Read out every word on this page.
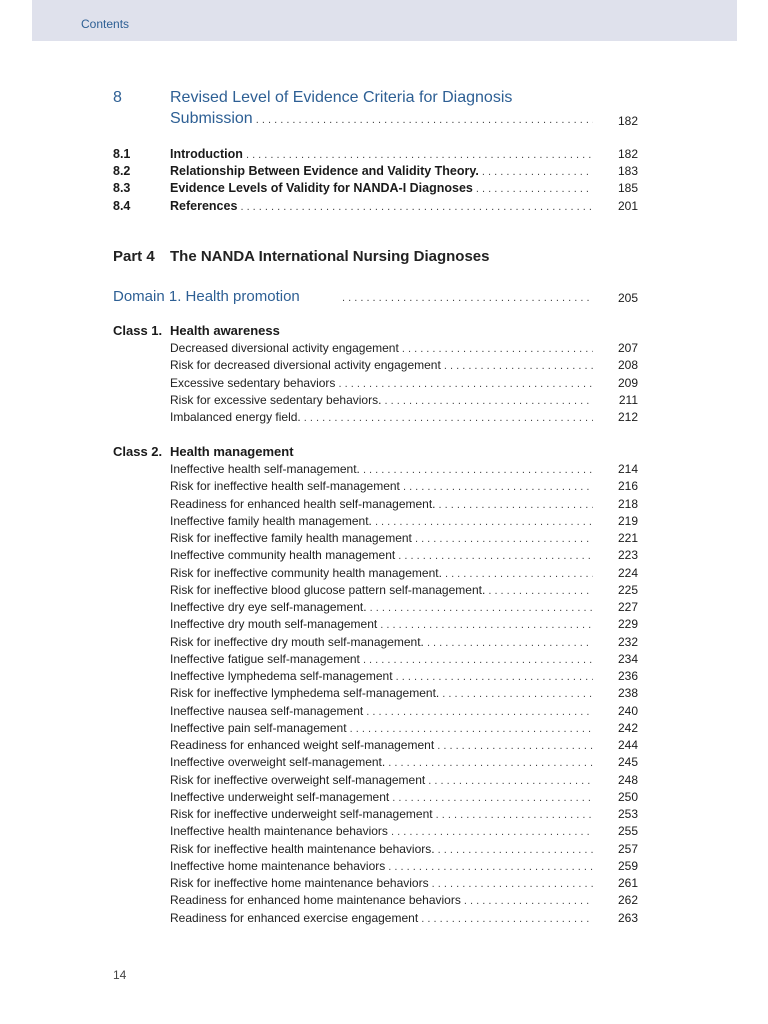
Contents
8	Revised Level of Evidence Criteria for Diagnosis
Submission . . .	182
8.1	Introduction . . .	182
8.2	Relationship Between Evidence and Validity Theory. . . .	183
8.3	Evidence Levels of Validity for NANDA-I Diagnoses . . .	185
8.4	References . . .	201
Part 4 The NANDA International Nursing Diagnoses
Domain 1. Health promotion . . .	205
Class 1. Health awareness
Decreased diversional activity engagement . . .	207
Risk for decreased diversional activity engagement . . .	208
Excessive sedentary behaviors . . .	209
Risk for excessive sedentary behaviors. . . .	211
Imbalanced energy field. . . .	212
Class 2. Health management
Ineffective health self-management. . . .	214
Risk for ineffective health self-management . . .	216
Readiness for enhanced health self-management. . . .	218
Ineffective family health management. . . .	219
Risk for ineffective family health management . . .	221
Ineffective community health management . . .	223
Risk for ineffective community health management. . . .	224
Risk for ineffective blood glucose pattern self-management. . . .	225
Ineffective dry eye self-management. . . .	227
Ineffective dry mouth self-management . . .	229
Risk for ineffective dry mouth self-management. . . .	232
Ineffective fatigue self-management . . .	234
Ineffective lymphedema self-management . . .	236
Risk for ineffective lymphedema self-management. . . .	238
Ineffective nausea self-management . . .	240
Ineffective pain self-management . . .	242
Readiness for enhanced weight self-management . . .	244
Ineffective overweight self-management. . . .	245
Risk for ineffective overweight self-management . . .	248
Ineffective underweight self-management . . .	250
Risk for ineffective underweight self-management . . .	253
Ineffective health maintenance behaviors . . .	255
Risk for ineffective health maintenance behaviors. . . .	257
Ineffective home maintenance behaviors . . .	259
Risk for ineffective home maintenance behaviors . . .	261
Readiness for enhanced home maintenance behaviors . . .	262
Readiness for enhanced exercise engagement . . .	263
14
